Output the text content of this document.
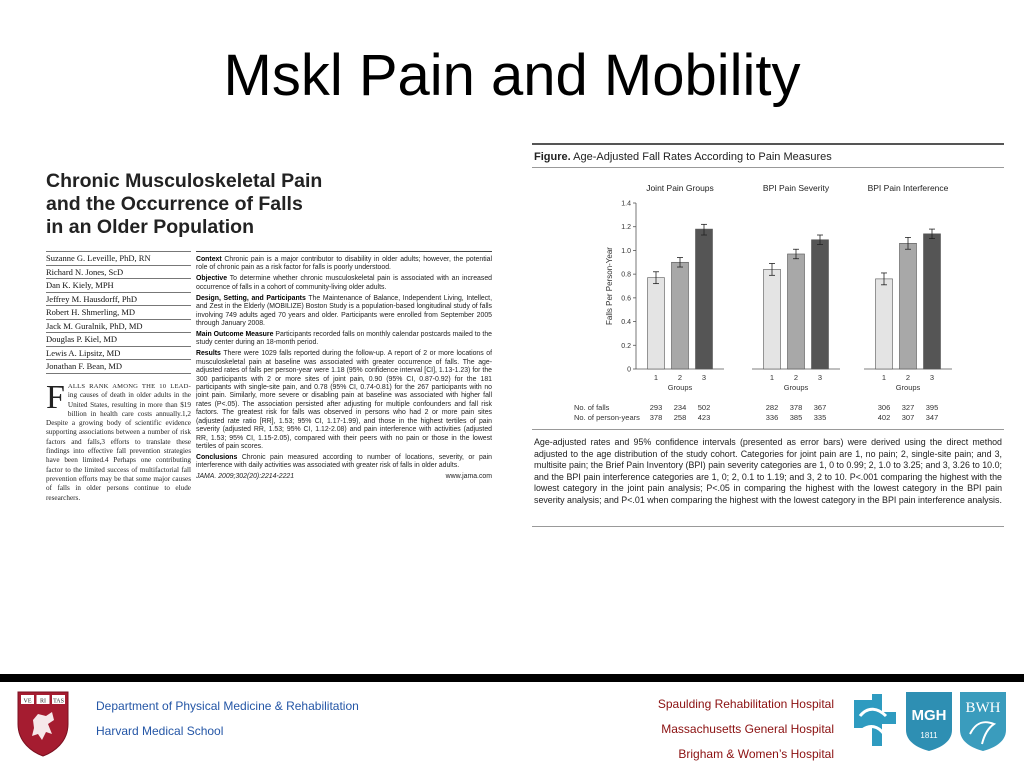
Mskl Pain and Mobility
Chronic Musculoskeletal Pain
and the Occurrence of Falls
in an Older Population
Suzanne G. Leveille, PhD, RN
Richard N. Jones, ScD
Dan K. Kiely, MPH
Jeffrey M. Hausdorff, PhD
Robert H. Shmerling, MD
Jack M. Guralnik, PhD, MD
Douglas P. Kiel, MD
Lewis A. Lipsitz, MD
Jonathan F. Bean, MD
FALLS RANK AMONG THE 10 LEAD- ing causes of death in older adults in the United States, resulting in more than $19 billion in health care costs annually.1,2 Despite a growing body of scientific evidence supporting associations between a number of risk factors and falls,3 efforts to translate these findings into effective fall prevention strategies have been limited.4 Perhaps one contributing factor to the limited success of multifactorial fall prevention efforts may be that some major causes of falls in older persons continue to elude researchers.

Context Chronic pain is a major contributor to disability in older adults; however, the potential role of chronic pain as a risk factor for falls is poorly understood.

Objective To determine whether chronic musculoskeletal pain is associated with an increased occurrence of falls in a cohort of community-living older adults.

Design, Setting, and Participants The Maintenance of Balance, Independent Living, Intellect, and Zest in the Elderly (MOBILIZE) Boston Study is a population-based longitudinal study of falls involving 749 adults aged 70 years and older. Participants were enrolled from September 2005 through January 2008.

Main Outcome Measure Participants recorded falls on monthly calendar postcards mailed to the study center during an 18-month period.

Results There were 1029 falls reported during the follow-up. A report of 2 or more locations of musculoskeletal pain at baseline was associated with greater occurrence of falls. The age-adjusted rates of falls per person-year were 1.18 (95% confidence interval [CI], 1.13-1.23) for the 300 participants with 2 or more sites of joint pain, 0.90 (95% CI, 0.87-0.92) for the 181 participants with single-site pain, and 0.78 (95% CI, 0.74-0.81) for the 267 participants with no joint pain. Similarly, more severe or disabling pain at baseline was associated with higher fall rates (P<.05). The association persisted after adjusting for multiple confounders and fall risk factors. The greatest risk for falls was observed in persons who had 2 or more pain sites (adjusted rate ratio [RR], 1.53; 95% CI, 1.17-1.99), and those in the highest tertiles of pain severity (adjusted RR, 1.53; 95% CI, 1.12-2.08) and pain interference with activities (adjusted RR, 1.53; 95% CI, 1.15-2.05), compared with their peers with no pain or those in the lowest tertiles of pain scores.

Conclusions Chronic pain measured according to number of locations, severity, or pain interference with daily activities was associated with greater risk of falls in older adults.

JAMA. 2009;302(20):2214-2221	www.jama.com
Figure. Age-Adjusted Fall Rates According to Pain Measures
0
0.2
0.4
0.6
0.8
1.0
1.2
1.4
Falls Per Person-Year
Joint Pain Groups
1
293
378
2
234
258
3
502
423
Groups
BPI Pain Severity
1
282
336
2
378
385
3
367
335
Groups
BPI Pain Interference
1
306
402
2
327
307
3
395
347
Groups
No. of falls
No. of person-years
Age-adjusted rates and 95% confidence intervals (presented as error bars) were derived using the direct method adjusted to the age distribution of the study cohort. Categories for joint pain are 1, no pain; 2, single-site pain; and 3, multisite pain; the Brief Pain Inventory (BPI) pain severity categories are 1, 0 to 0.99; 2, 1.0 to 3.25; and 3, 3.26 to 10.0; and the BPI pain interference categories are 1, 0; 2, 0.1 to 1.19; and 3, 2 to 10. P<.001 comparing the highest with the lowest category in the joint pain analysis; P<.05 in comparing the highest with the lowest category in the BPI pain severity analysis; and P<.01 when comparing the highest with the lowest category in the BPI pain interference analysis.
VE RI TAS	Department of Physical Medicine & Rehabilitation
Harvard Medical School
Spaulding Rehabilitation Hospital
Massachusetts General Hospital
Brigham & Women’s Hospital
MGH
1811
BWH
